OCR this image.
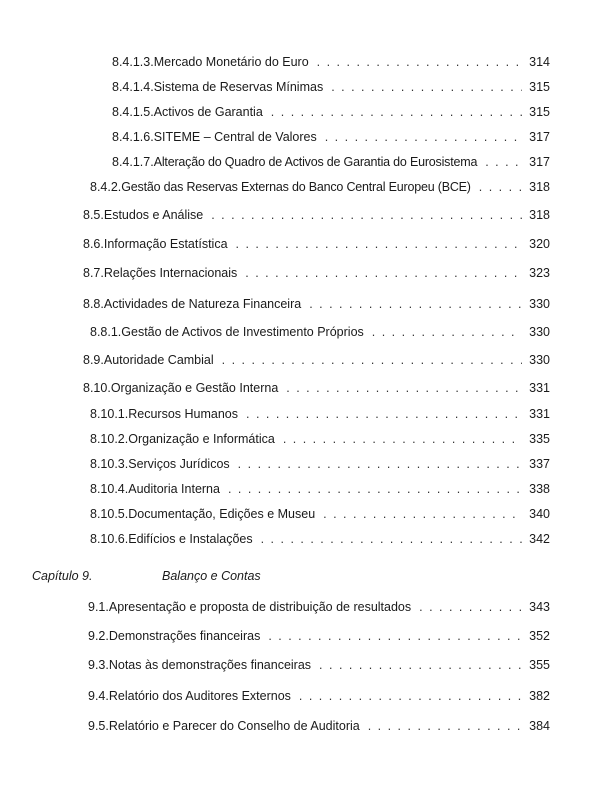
8.4.1.3. Mercado Monetário do Euro . . .	314
8.4.1.4. Sistema de Reservas Mínimas . . .	315
8.4.1.5. Activos de Garantia . . .	315
8.4.1.6. SITEME – Central de Valores . . .	317
8.4.1.7. Alteração do Quadro de Activos de Garantia do Eurosistema . . .	317
8.4.2. Gestão das Reservas Externas do Banco Central Europeu (BCE) . . .	318
8.5. Estudos e Análise . . .	318
8.6. Informação Estatística . . .	320
8.7. Relações Internacionais . . .	323
8.8. Actividades de Natureza Financeira . . .	330
8.8.1. Gestão de Activos de Investimento Próprios . . .	330
8.9. Autoridade Cambial . . .	330
8.10. Organização e Gestão Interna . . .	331
8.10.1. Recursos Humanos . . .	331
8.10.2. Organização e Informática . . .	335
8.10.3. Serviços Jurídicos . . .	337
8.10.4. Auditoria Interna . . .	338
8.10.5. Documentação, Edições e Museu . . .	340
8.10.6. Edifícios e Instalações . . .	342
Capítulo 9.	Balanço e Contas
9.1. Apresentação e proposta de distribuição de resultados . . .	343
9.2. Demonstrações financeiras . . .	352
9.3. Notas às demonstrações financeiras . . .	355
9.4. Relatório dos Auditores Externos . . .	382
9.5. Relatório e Parecer do Conselho de Auditoria . . .	384
